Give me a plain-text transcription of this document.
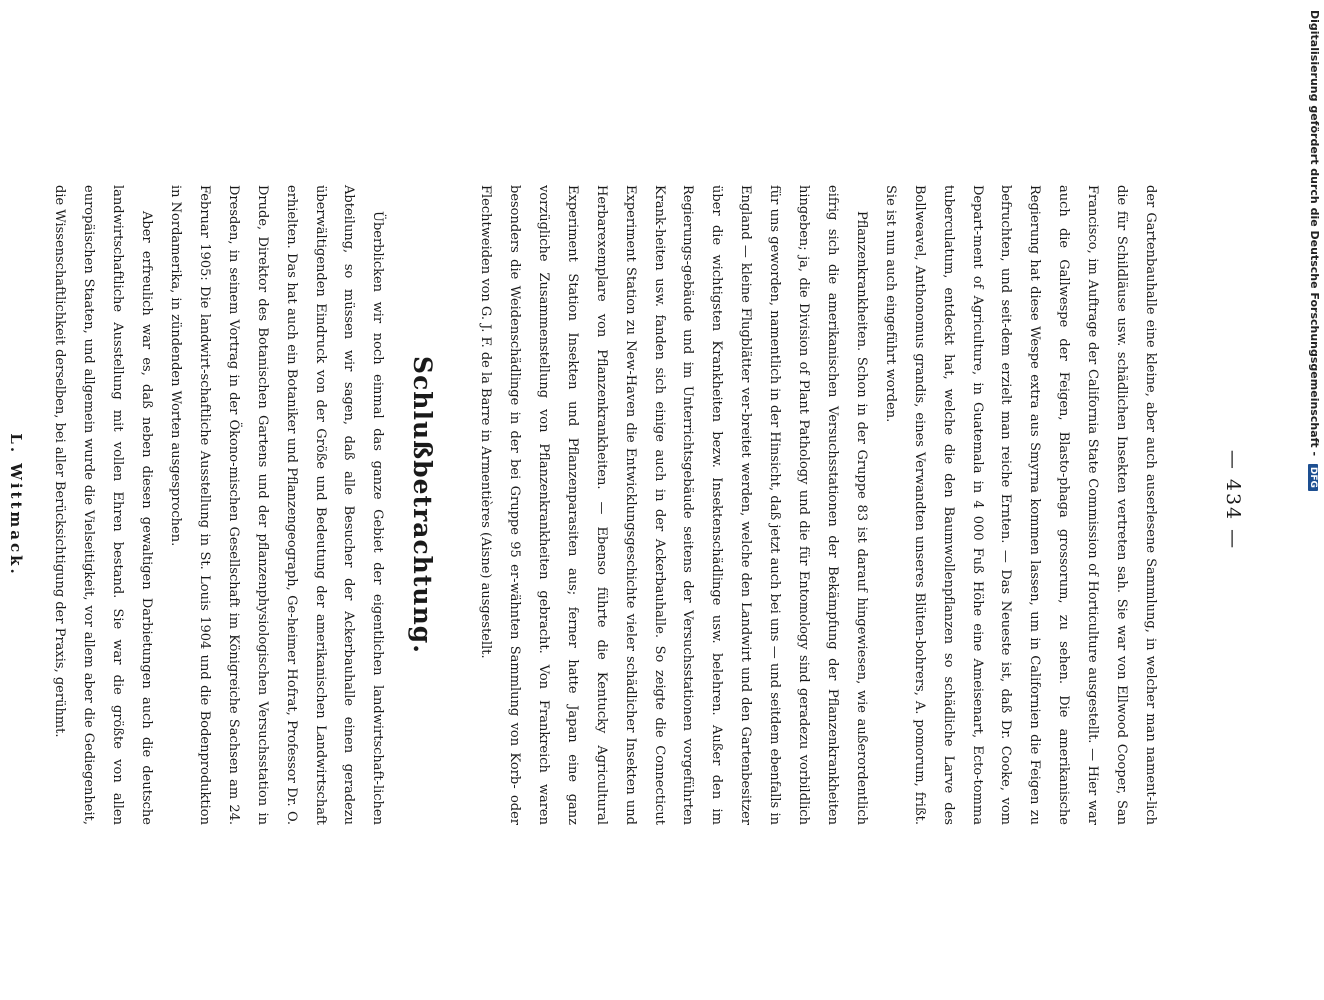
— 434 —

der Gartenbauhalle eine kleine, aber auch auserlesene Sammlung, in welcher man nament-lich die für Schildläuse usw. schädlichen Insekten vertreten sah. Sie war von Ellwood Cooper, San Francisco, im Auftrage der California State Commission of Horticulture ausgestellt. — Hier war auch die Gallwespe der Feigen, Blasto-phaga grossorum, zu sehen. Die amerikanische Regierung hat diese Wespe extra aus Smyrna kommen lassen, um in Californien die Feigen zu befruchten, und seit-dem erzielt man reiche Ernten. — Das Neueste ist, daß Dr. Cooke, vom Depart-ment of Agriculture, in Guatemala in 4 000 Fuß Höhe eine Ameisenart, Ecto-tomma tuberculatum, entdeckt hat, welche die den Baumwollenpflanzen so schädliche Larve des Bollweavel, Anthonomus grandis, eines Verwandten unseres Blüten-bohrers, A. pomorum, frißt. Sie ist nun auch eingeführt worden.

Pflanzenkrankheiten. Schon in der Gruppe 83 ist darauf hingewiesen, wie außerordentlich eifrig sich die amerikanischen Versuchsstationen der Bekämpfung der Pflanzenkrankheiten hingeben; ja, die Division of Plant Pathology und die für Entomology sind geradezu vorbildlich für uns geworden, namentlich in der Hinsicht, daß jetzt auch bei uns — und seitdem ebenfalls in England — kleine Flugblätter ver-breitet werden, welche den Landwirt und den Gartenbesitzer über die wichtigsten Krankheiten bezw. Insektenschädlinge usw. belehren. Außer den im Regierungs-gebäude und im Unterrichtsgebäude seitens der Versuchsstationen vorgeführten Krank-heiten usw. fanden sich einige auch in der Ackerbauhalle. So zeigte die Connecticut Experiment Station zu New-Haven die Entwicklungsgeschichte vieler schädlicher Insekten und Herbarexemplare von Pflanzenkrankheiten. — Ebenso führte die Kentucky Agricultural Experiment Station Insekten und Pflanzenparasiten aus; ferner hatte Japan eine ganz vorzügliche Zusammenstellung von Pflanzenkrankheiten gebracht. Von Frankreich waren besonders die Weidenschädlinge in der bei Gruppe 95 er-wähnten Sammlung von Korb- oder Flechtweiden von G. J. F. de la Barre in Armentières (Aisne) ausgestellt.

Schlußbetrachtung.

Überblicken wir noch einmal das ganze Gebiet der eigentlichen landwirtschaft-lichen Abteilung, so müssen wir sagen, daß alle Besucher der Ackerbauhalle einen geradezu überwältigenden Eindruck von der Größe und Bedeutung der amerikanischen Landwirtschaft erhielten. Das hat auch ein Botaniker und Pflanzengeograph, Ge-heimer Hofrat, Professor Dr. O. Drude, Direktor des Botanischen Gartens und der pflanzenphysiologischen Versuchsstation in Dresden, in seinem Vortrag in der Ökono-mischen Gesellschaft im Königreiche Sachsen am 24. Februar 1905: Die landwirt-schaftliche Ausstellung in St. Louis 1904 und die Bodenproduktion in Nordamerika, in zündenden Worten ausgesprochen.

Aber erfreulich war es, daß neben diesen gewaltigen Darbietungen auch die deutsche landwirtschaftliche Ausstellung mit vollen Ehren bestand. Sie war die größte von allen europäischen Staaten, und allgemein wurde die Vielseitigkeit, vor allem aber die Gediegenheit, die Wissenschaftlichkeit derselben, bei aller Berücksichtigung der Praxis, gerühmt.

L. Wittmack.
Digitalisierung gefördert durch die Deutsche Forschungsgemeinschaft - DFG
